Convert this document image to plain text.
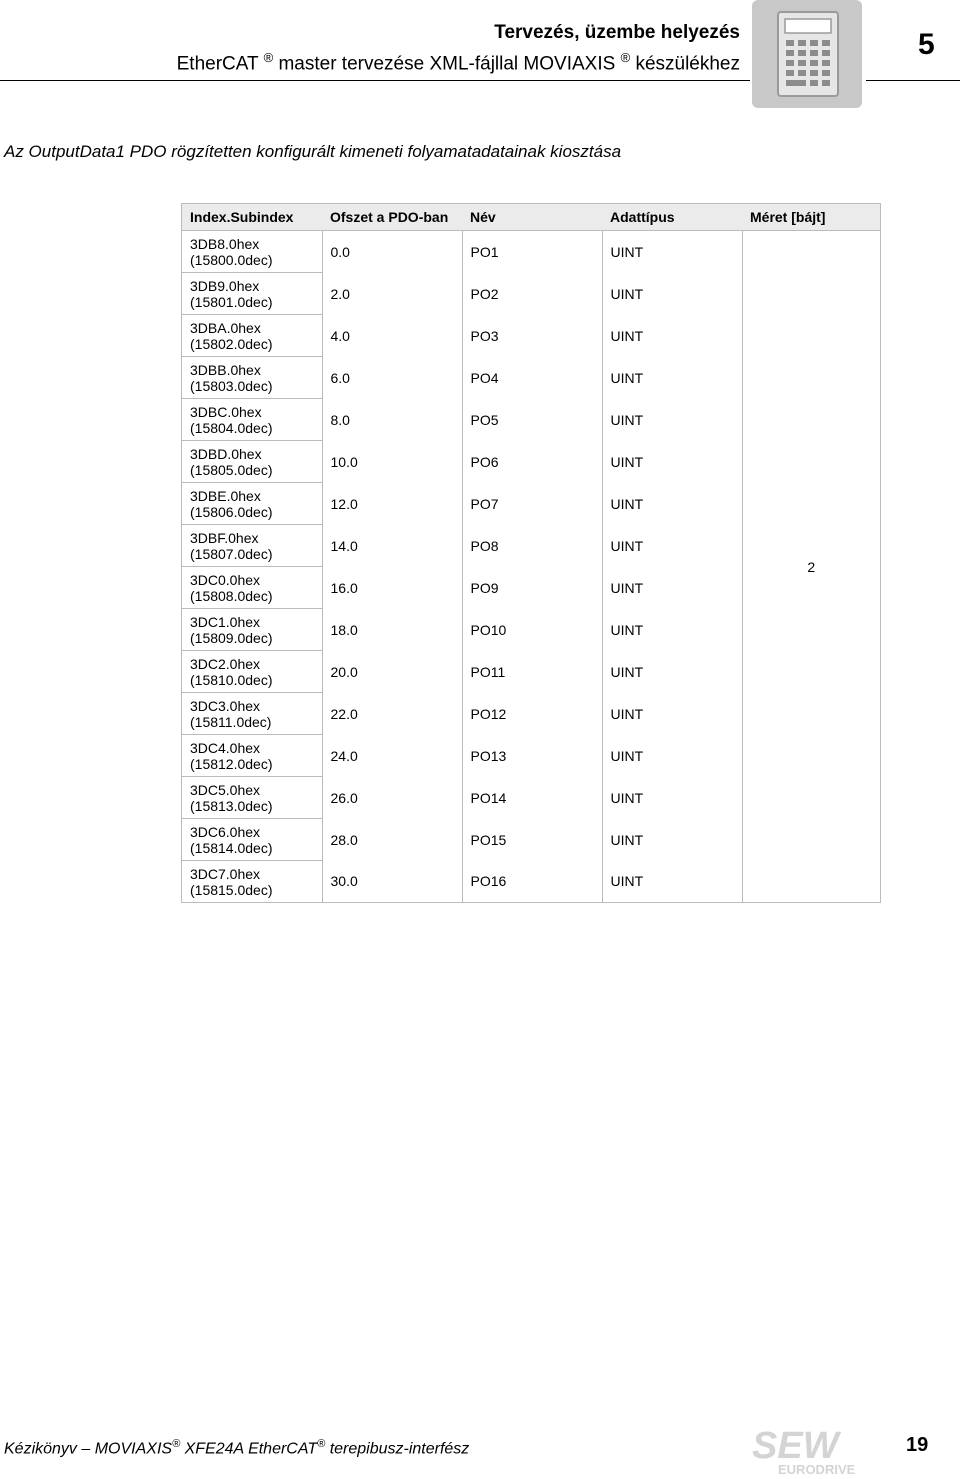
Tervezés, üzembe helyezés
EtherCAT ® master tervezése XML-fájllal MOVIAXIS ® készülékhez
5
Az OutputData1 PDO rögzítetten konfigurált kimeneti folyamatadatainak kiosztása
Index.Subindex	Ofszet a PDO-ban	Név	Adattípus	Méret [bájt]

3DB8.0hex
(15800.0dec)	0.0	PO1	UINT	2

3DB9.0hex
(15801.0dec)	2.0	PO2	UINT	

3DBA.0hex
(15802.0dec)	4.0	PO3	UINT	

3DBB.0hex
(15803.0dec)	6.0	PO4	UINT	

3DBC.0hex
(15804.0dec)	8.0	PO5	UINT	

3DBD.0hex
(15805.0dec)	10.0	PO6	UINT	

3DBE.0hex
(15806.0dec)	12.0	PO7	UINT	

3DBF.0hex
(15807.0dec)	14.0	PO8	UINT	

3DC0.0hex
(15808.0dec)	16.0	PO9	UINT	

3DC1.0hex
(15809.0dec)	18.0	PO10	UINT	

3DC2.0hex
(15810.0dec)	20.0	PO11	UINT	

3DC3.0hex
(15811.0dec)	22.0	PO12	UINT	

3DC4.0hex
(15812.0dec)	24.0	PO13	UINT	

3DC5.0hex
(15813.0dec)	26.0	PO14	UINT	

3DC6.0hex
(15814.0dec)	28.0	PO15	UINT	

3DC7.0hex
(15815.0dec)	30.0	PO16	UINT	
Kézikönyv – MOVIAXIS® XFE24A EtherCAT® terepibusz-interfész	SEW
EURODRIVE
19
